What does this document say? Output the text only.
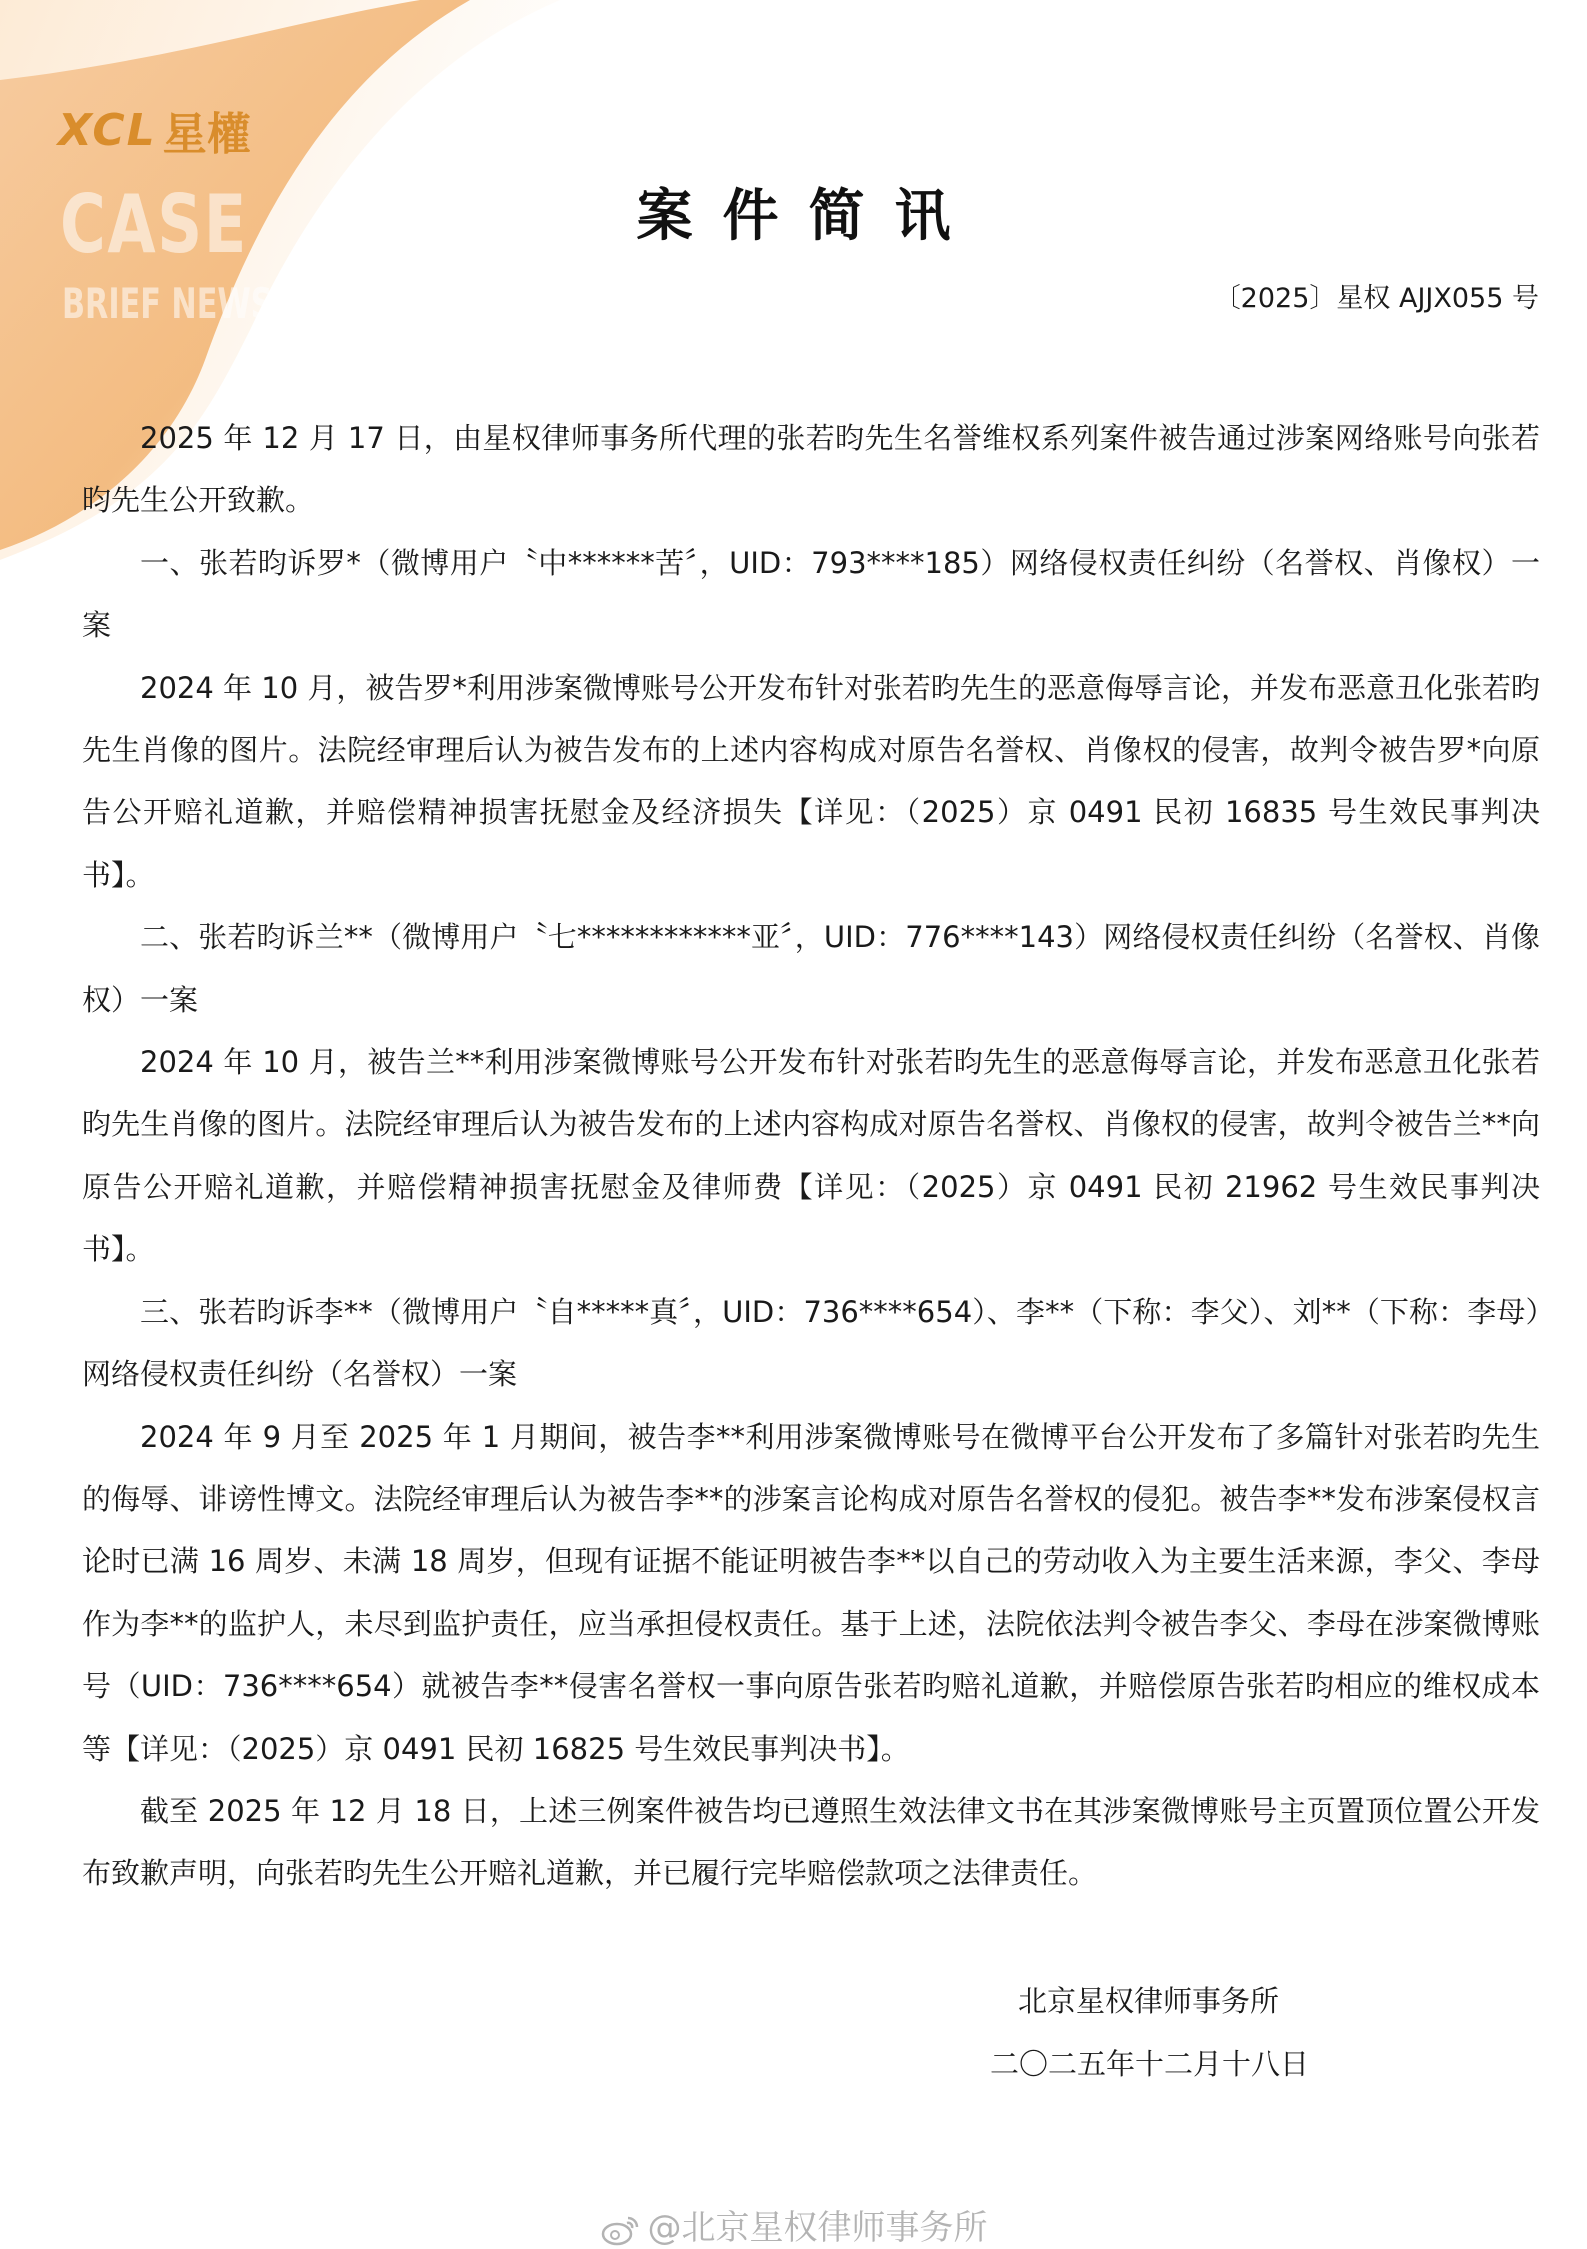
XCL 星權
CASE
BRIEF NEWS
案件简讯
〔2025〕星权 AJJX055 号

2025 年 12 月 17 日，由星权律师事务所代理的张若昀先生名誉维权系列案件被告通过涉案网络账号向张若昀先生公开致歉。

一、张若昀诉罗*（微博用户〝中******苦〞，UID：793****185）网络侵权责任纠纷（名誉权、肖像权）一案

2024 年 10 月，被告罗*利用涉案微博账号公开发布针对张若昀先生的恶意侮辱言论，并发布恶意丑化张若昀先生肖像的图片。法院经审理后认为被告发布的上述内容构成对原告名誉权、肖像权的侵害，故判令被告罗*向原告公开赔礼道歉，并赔偿精神损害抚慰金及经济损失【详见：（2025）京 0491 民初 16835 号生效民事判决书】。

二、张若昀诉兰**（微博用户〝七************亚〞，UID：776****143）网络侵权责任纠纷（名誉权、肖像权）一案

2024 年 10 月，被告兰**利用涉案微博账号公开发布针对张若昀先生的恶意侮辱言论，并发布恶意丑化张若昀先生肖像的图片。法院经审理后认为被告发布的上述内容构成对原告名誉权、肖像权的侵害，故判令被告兰**向原告公开赔礼道歉，并赔偿精神损害抚慰金及律师费【详见：（2025）京 0491 民初 21962 号生效民事判决书】。

三、张若昀诉李**（微博用户〝自*****真〞，UID：736****654）、李**（下称：李父）、刘**（下称：李母）网络侵权责任纠纷（名誉权）一案

2024 年 9 月至 2025 年 1 月期间，被告李**利用涉案微博账号在微博平台公开发布了多篇针对张若昀先生的侮辱、诽谤性博文。法院经审理后认为被告李**的涉案言论构成对原告名誉权的侵犯。被告李**发布涉案侵权言论时已满 16 周岁、未满 18 周岁，但现有证据不能证明被告李**以自己的劳动收入为主要生活来源，李父、李母作为李**的监护人，未尽到监护责任，应当承担侵权责任。基于上述，法院依法判令被告李父、李母在涉案微博账号（UID：736****654）就被告李**侵害名誉权一事向原告张若昀赔礼道歉，并赔偿原告张若昀相应的维权成本等【详见：（2025）京 0491 民初 16825 号生效民事判决书】。

截至 2025 年 12 月 18 日，上述三例案件被告均已遵照生效法律文书在其涉案微博账号主页置顶位置公开发布致歉声明，向张若昀先生公开赔礼道歉，并已履行完毕赔偿款项之法律责任。

北京星权律师事务所
二〇二五年十二月十八日
@北京星权律师事务所
